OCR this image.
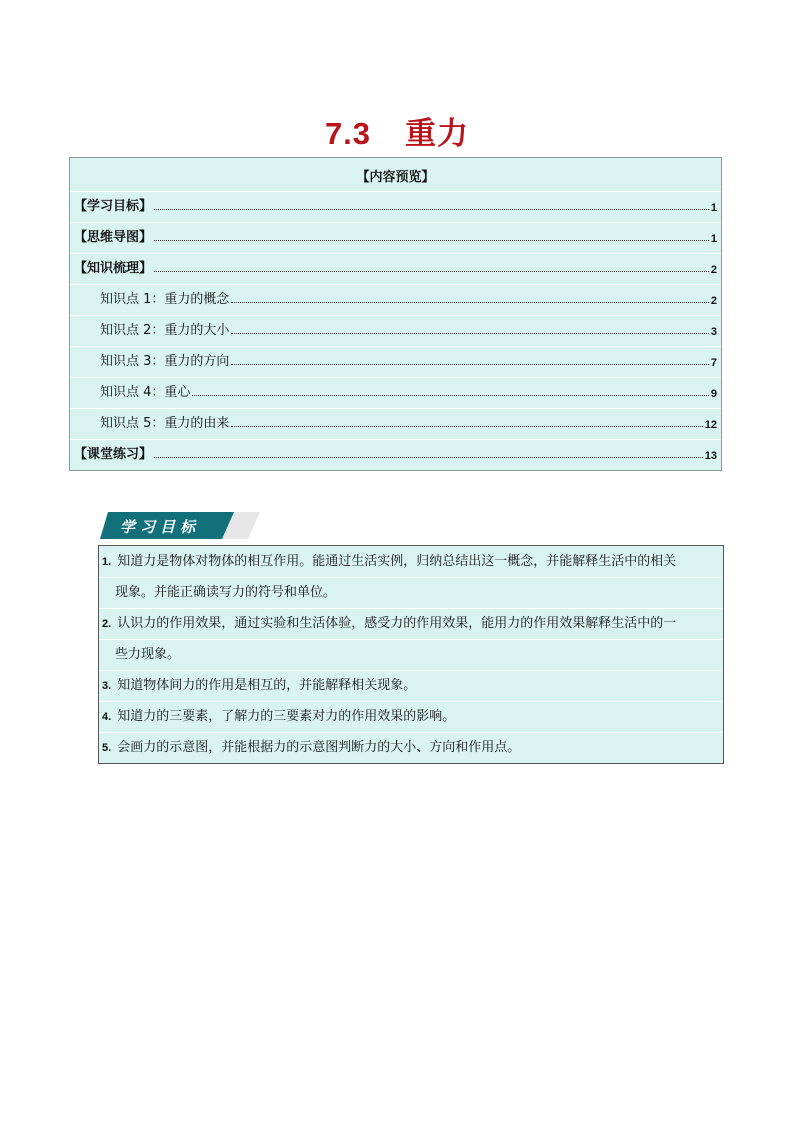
7.3 重力
【内容预览】
【学习目标】	1
【思维导图】	1
【知识梳理】	2
知识点 1：重力的概念	2
知识点 2：重力的大小	3
知识点 3：重力的方向	7
知识点 4：重心	9
知识点 5：重力的由来	12
【课堂练习】	13
学习目标
1. 知道力是物体对物体的相互作用。能通过生活实例，归纳总结出这一概念，并能解释生活中的相关
现象。并能正确读写力的符号和单位。
2. 认识力的作用效果，通过实验和生活体验，感受力的作用效果，能用力的作用效果解释生活中的一
些力现象。
3. 知道物体间力的作用是相互的，并能解释相关现象。
4. 知道力的三要素，了解力的三要素对力的作用效果的影响。
5. 会画力的示意图，并能根据力的示意图判断力的大小、方向和作用点。
